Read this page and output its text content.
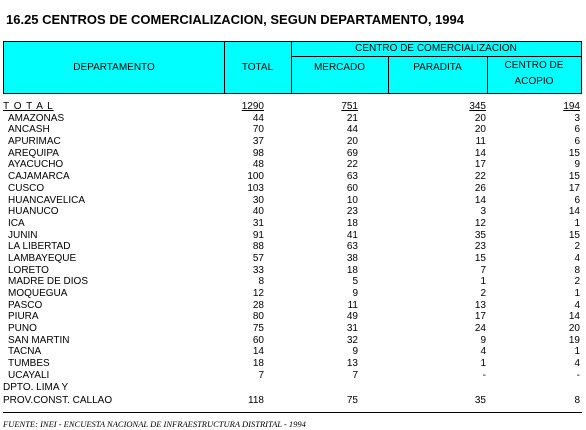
16.25 CENTROS DE COMERCIALIZACION, SEGUN DEPARTAMENTO, 1994
DEPARTAMENTO	TOTAL
CENTRO DE COMERCIALIZACION
MERCADO	PARADITA	CENTRO DE
ACOPIO
T O T A L	1290	751	345	194
AMAZONAS	44	21	20	3
ANCASH	70	44	20	6
APURIMAC	37	20	11	6
AREQUIPA	98	69	14	15
AYACUCHO	48	22	17	9
CAJAMARCA	100	63	22	15
CUSCO	103	60	26	17
HUANCAVELICA	30	10	14	6
HUANUCO	40	23	3	14
ICA	31	18	12	1
JUNIN	91	41	35	15
LA LIBERTAD	88	63	23	2
LAMBAYEQUE	57	38	15	4
LORETO	33	18	7	8
MADRE DE DIOS	8	5	1	2
MOQUEGUA	12	9	2	1
PASCO	28	11	13	4
PIURA	80	49	17	14
PUNO	75	31	24	20
SAN MARTIN	60	32	9	19
TACNA	14	9	4	1
TUMBES	18	13	1	4
UCAYALI	7	7	-	-
DPTO. LIMA Y
PROV.CONST. CALLAO	118	75	35	8
FUENTE: INEI - ENCUESTA NACIONAL DE INFRAESTRUCTURA DISTRITAL - 1994
